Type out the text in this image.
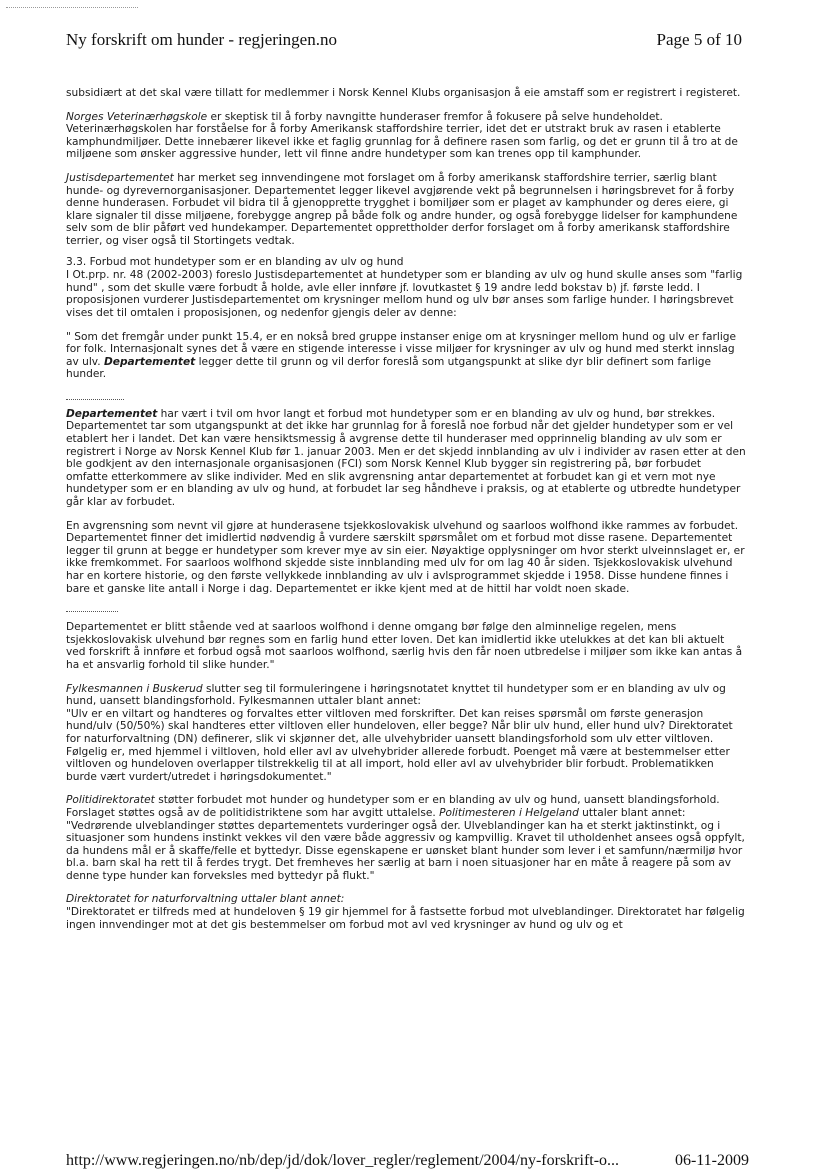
Ny forskrift om hunder - regjeringen.no	Page 5 of 10

subsidiært at det skal være tillatt for medlemmer i Norsk Kennel Klubs organisasjon å eie amstaff som er registrert i registeret.

Norges Veterinærhøgskole er skeptisk til å forby navngitte hunderaser fremfor å fokusere på selve hundeholdet. Veterinærhøgskolen har forståelse for å forby Amerikansk staffordshire terrier, idet det er utstrakt bruk av rasen i etablerte kamphundmiljøer. Dette innebærer likevel ikke et faglig grunnlag for å definere rasen som farlig, og det er grunn til å tro at de miljøene som ønsker aggressive hunder, lett vil finne andre hundetyper som kan trenes opp til kamphunder.

Justisdepartementet har merket seg innvendingene mot forslaget om å forby amerikansk staffordshire terrier, særlig blant hunde- og dyrevernorganisasjoner. Departementet legger likevel avgjørende vekt på begrunnelsen i høringsbrevet for å forby denne hunderasen. Forbudet vil bidra til å gjenopprette trygghet i bomiljøer som er plaget av kamphunder og deres eiere, gi klare signaler til disse miljøene, forebygge angrep på både folk og andre hunder, og også forebygge lidelser for kamphundene selv som de blir påført ved hundekamper. Departementet opprettholder derfor forslaget om å forby amerikansk staffordshire terrier, og viser også til Stortingets vedtak.

3.3. Forbud mot hundetyper som er en blanding av ulv og hund

I Ot.prp. nr. 48 (2002-2003) foreslo Justisdepartementet at hundetyper som er blanding av ulv og hund skulle anses som "farlig hund" , som det skulle være forbudt å holde, avle eller innføre jf. lovutkastet § 19 andre ledd bokstav b) jf. første ledd. I proposisjonen vurderer Justisdepartementet om krysninger mellom hund og ulv bør anses som farlige hunder. I høringsbrevet vises det til omtalen i proposisjonen, og nedenfor gjengis deler av denne:

" Som det fremgår under punkt 15.4, er en nokså bred gruppe instanser enige om at krysninger mellom hund og ulv er farlige for folk. Internasjonalt synes det å være en stigende interesse i visse miljøer for krysninger av ulv og hund med sterkt innslag av ulv. Departementet legger dette til grunn og vil derfor foreslå som utgangspunkt at slike dyr blir definert som farlige hunder.

Departementet har vært i tvil om hvor langt et forbud mot hundetyper som er en blanding av ulv og hund, bør strekkes. Departementet tar som utgangspunkt at det ikke har grunnlag for å foreslå noe forbud når det gjelder hundetyper som er vel etablert her i landet. Det kan være hensiktsmessig å avgrense dette til hunderaser med opprinnelig blanding av ulv som er registrert i Norge av Norsk Kennel Klub før 1. januar 2003. Men er det skjedd innblanding av ulv i individer av rasen etter at den ble godkjent av den internasjonale organisasjonen (FCI) som Norsk Kennel Klub bygger sin registrering på, bør forbudet omfatte etterkommere av slike individer. Med en slik avgrensning antar departementet at forbudet kan gi et vern mot nye hundetyper som er en blanding av ulv og hund, at forbudet lar seg håndheve i praksis, og at etablerte og utbredte hundetyper går klar av forbudet.

En avgrensning som nevnt vil gjøre at hunderasene tsjekkoslovakisk ulvehund og saarloos wolfhond ikke rammes av forbudet. Departementet finner det imidlertid nødvendig å vurdere særskilt spørsmålet om et forbud mot disse rasene. Departementet legger til grunn at begge er hundetyper som krever mye av sin eier. Nøyaktige opplysninger om hvor sterkt ulveinnslaget er, er ikke fremkommet. For saarloos wolfhond skjedde siste innblanding med ulv for om lag 40 år siden. Tsjekkoslovakisk ulvehund har en kortere historie, og den første vellykkede innblanding av ulv i avlsprogrammet skjedde i 1958. Disse hundene finnes i bare et ganske lite antall i Norge i dag. Departementet er ikke kjent med at de hittil har voldt noen skade.

Departementet er blitt stående ved at saarloos wolfhond i denne omgang bør følge den alminnelige regelen, mens tsjekkoslovakisk ulvehund bør regnes som en farlig hund etter loven. Det kan imidlertid ikke utelukkes at det kan bli aktuelt ved forskrift å innføre et forbud også mot saarloos wolfhond, særlig hvis den får noen utbredelse i miljøer som ikke kan antas å ha et ansvarlig forhold til slike hunder."

Fylkesmannen i Buskerud slutter seg til formuleringene i høringsnotatet knyttet til hundetyper som er en blanding av ulv og hund, uansett blandingsforhold. Fylkesmannen uttaler blant annet:
"Ulv er en viltart og handteres og forvaltes etter viltloven med forskrifter. Det kan reises spørsmål om første generasjon hund/ulv (50/50%) skal handteres etter viltloven eller hundeloven, eller begge? Når blir ulv hund, eller hund ulv? Direktoratet for naturforvaltning (DN) definerer, slik vi skjønner det, alle ulvehybrider uansett blandingsforhold som ulv etter viltloven. Følgelig er, med hjemmel i viltloven, hold eller avl av ulvehybrider allerede forbudt. Poenget må være at bestemmelser etter viltloven og hundeloven overlapper tilstrekkelig til at all import, hold eller avl av ulvehybrider blir forbudt. Problematikken burde vært vurdert/utredet i høringsdokumentet."

Politidirektoratet støtter forbudet mot hunder og hundetyper som er en blanding av ulv og hund, uansett blandingsforhold. Forslaget støttes også av de politidistriktene som har avgitt uttalelse. Politimesteren i Helgeland uttaler blant annet:
"Vedrørende ulveblandinger støttes departementets vurderinger også der. Ulveblandinger kan ha et sterkt jaktinstinkt, og i situasjoner som hundens instinkt vekkes vil den være både aggressiv og kampvillig. Kravet til utholdenhet ansees også oppfylt, da hundens mål er å skaffe/felle et byttedyr. Disse egenskapene er uønsket blant hunder som lever i et samfunn/nærmiljø hvor bl.a. barn skal ha rett til å ferdes trygt. Det fremheves her særlig at barn i noen situasjoner har en måte å reagere på som av denne type hunder kan forveksles med byttedyr på flukt."

Direktoratet for naturforvaltning uttaler blant annet:
"Direktoratet er tilfreds med at hundeloven § 19 gir hjemmel for å fastsette forbud mot ulveblandinger. Direktoratet har følgelig ingen innvendinger mot at det gis bestemmelser om forbud mot avl ved krysninger av hund og ulv og et

http://www.regjeringen.no/nb/dep/jd/dok/lover_regler/reglement/2004/ny-forskrift-o...	06-11-2009
